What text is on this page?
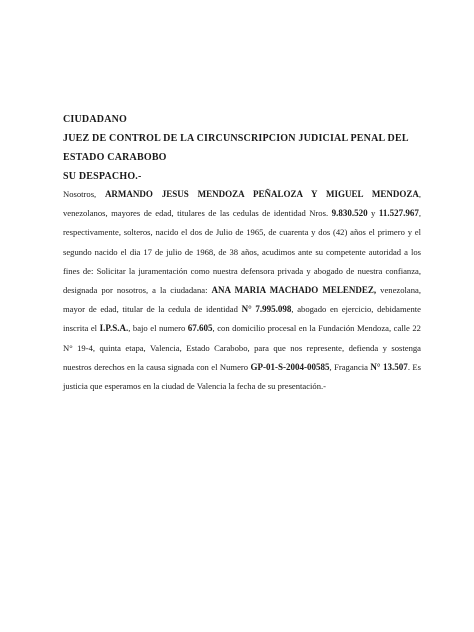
CIUDADANO
JUEZ DE CONTROL DE LA CIRCUNSCRIPCION JUDICIAL PENAL DEL ESTADO CARABOBO
SU DESPACHO.-
Nosotros, ARMANDO JESUS MENDOZA PEÑALOZA Y MIGUEL MENDOZA, venezolanos, mayores de edad, titulares de las cedulas de identidad Nros. 9.830.520 y 11.527.967, respectivamente, solteros, nacido el dos de Julio de 1965, de cuarenta y dos (42) años el primero y el segundo nacido el dia 17 de julio de 1968, de 38 años, acudimos ante su competente autoridad a los fines de: Solicitar la juramentación como nuestra defensora privada y abogado de nuestra confianza, designada por nosotros, a la ciudadana: ANA MARIA MACHADO MELENDEZ, venezolana, mayor de edad, titular de la cedula de identidad N° 7.995.098, abogado en ejercicio, debidamente inscrita el I.P.S.A., bajo el numero 67.605, con domicilio procesal en la Fundación Mendoza, calle 22 N° 19-4, quinta etapa, Valencia, Estado Carabobo, para que nos represente, defienda y sostenga nuestros derechos en la causa signada con el Numero GP-01-S-2004-00585, Fragancia N° 13.507. Es justicia que esperamos en la ciudad de Valencia la fecha de su presentación.-
